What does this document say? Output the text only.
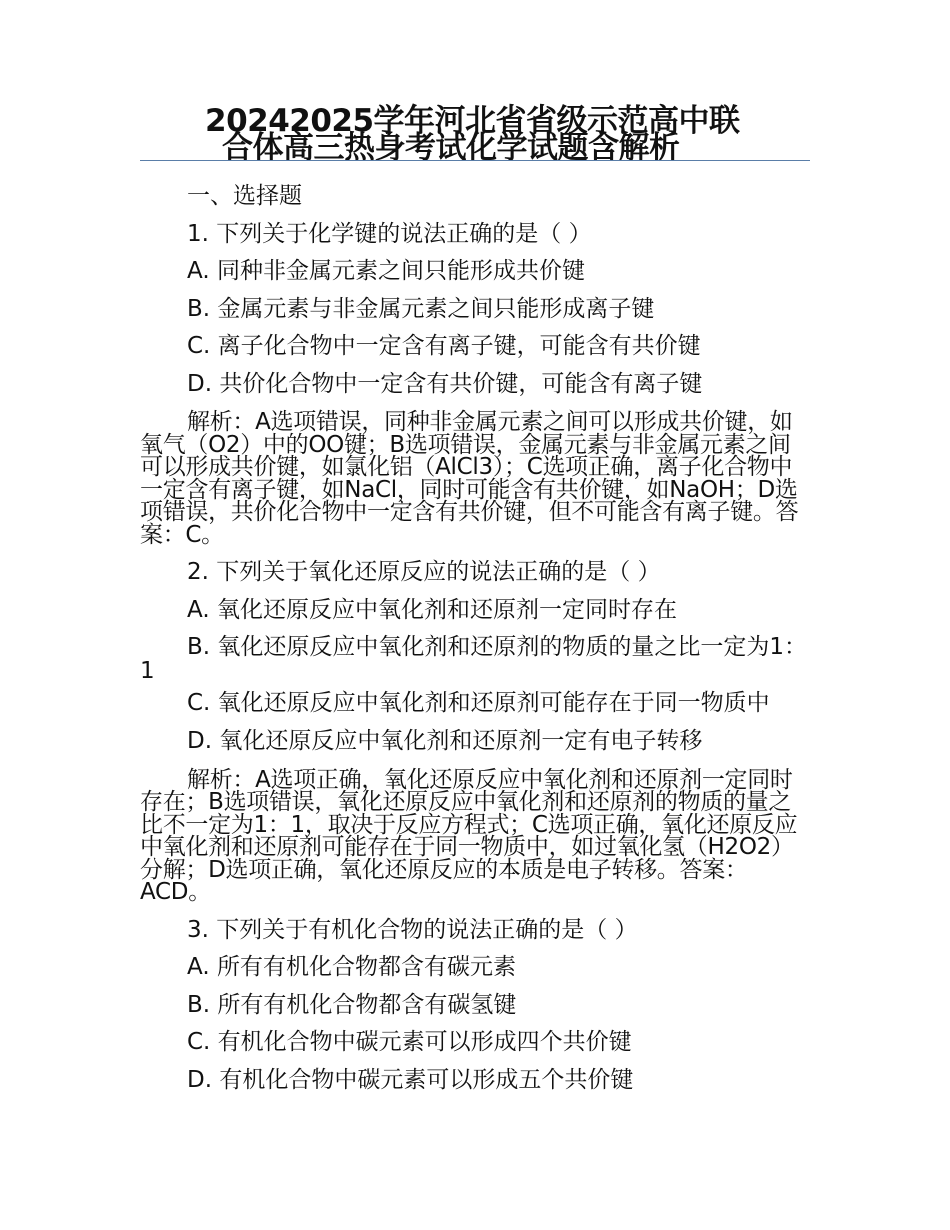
20242025学年河北省省级示范高中联
合体高三热身考试化学试题含解析
一、选择题
1. 下列关于化学键的说法正确的是（ ）
A. 同种非金属元素之间只能形成共价键
B. 金属元素与非金属元素之间只能形成离子键
C. 离子化合物中一定含有离子键，可能含有共价键
D. 共价化合物中一定含有共价键，可能含有离子键
解析：A选项错误，同种非金属元素之间可以形成共价键，如氧气（O2）中的OO键；B选项错误，金属元素与非金属元素之间可以形成共价键，如氯化铝（AlCl3）；C选项正确，离子化合物中一定含有离子键，如NaCl，同时可能含有共价键，如NaOH；D选项错误，共价化合物中一定含有共价键，但不可能含有离子键。答案：C。
2. 下列关于氧化还原反应的说法正确的是（ ）
A. 氧化还原反应中氧化剂和还原剂一定同时存在
B. 氧化还原反应中氧化剂和还原剂的物质的量之比一定为1：1
C. 氧化还原反应中氧化剂和还原剂可能存在于同一物质中
D. 氧化还原反应中氧化剂和还原剂一定有电子转移
解析：A选项正确，氧化还原反应中氧化剂和还原剂一定同时存在；B选项错误，氧化还原反应中氧化剂和还原剂的物质的量之比不一定为1：1，取决于反应方程式；C选项正确，氧化还原反应中氧化剂和还原剂可能存在于同一物质中，如过氧化氢（H2O2）分解；D选项正确，氧化还原反应的本质是电子转移。答案：ACD。
3. 下列关于有机化合物的说法正确的是（ ）
A. 所有有机化合物都含有碳元素
B. 所有有机化合物都含有碳氢键
C. 有机化合物中碳元素可以形成四个共价键
D. 有机化合物中碳元素可以形成五个共价键
